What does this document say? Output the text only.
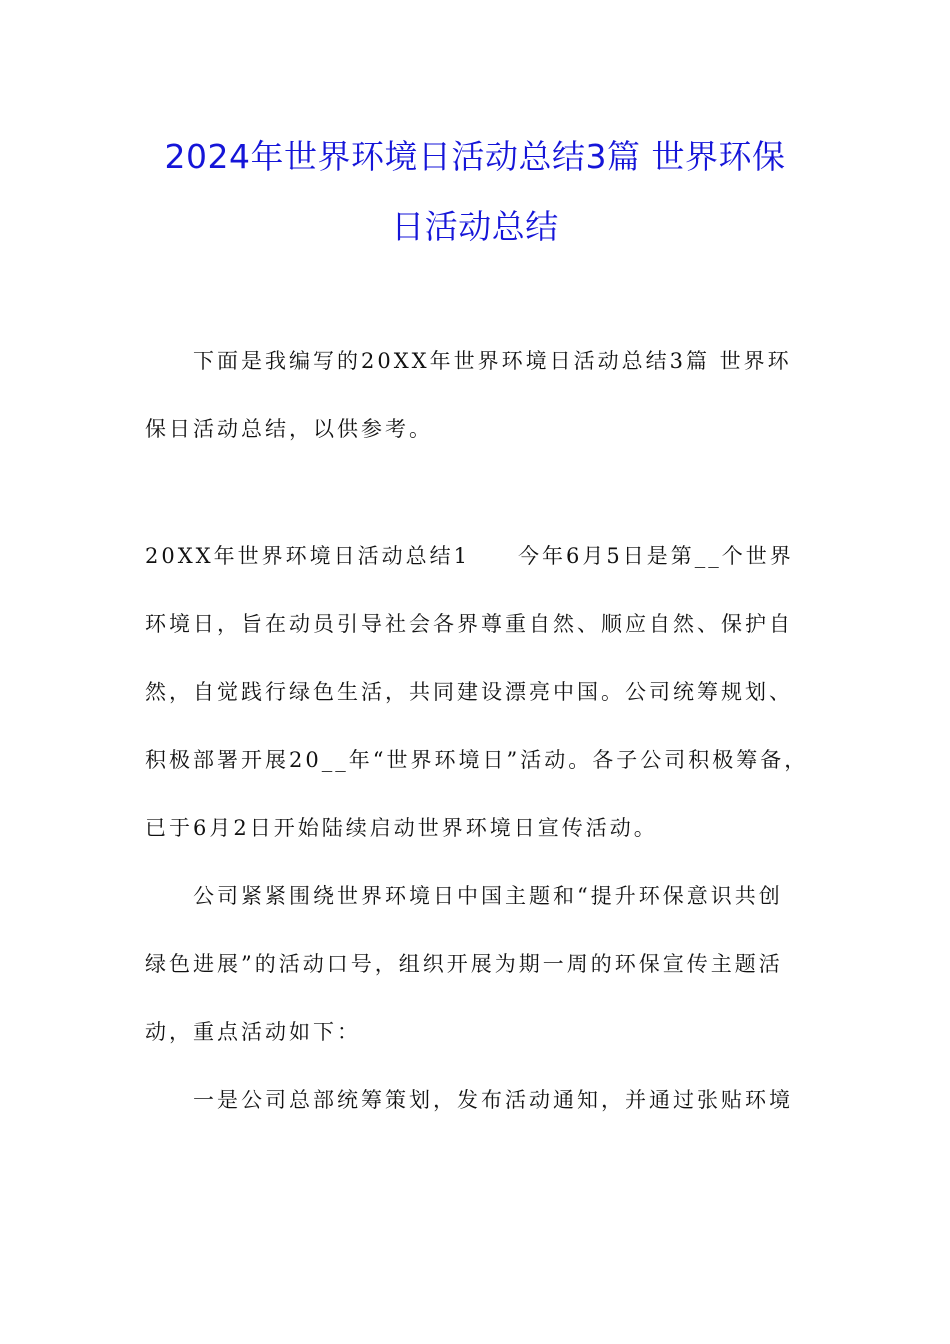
2024年世界环境日活动总结3篇 世界环保
日活动总结

下面是我编写的20XX年世界环境日活动总结3篇 世界环
保日活动总结，以供参考。

20XX年世界环境日活动总结1　　今年6月5日是第__个世界
环境日，旨在动员引导社会各界尊重自然、顺应自然、保护自
然，自觉践行绿色生活，共同建设漂亮中国。公司统筹规划、
积极部署开展20__年“世界环境日”活动。各子公司积极筹备，
已于6月2日开始陆续启动世界环境日宣传活动。

公司紧紧围绕世界环境日中国主题和“提升环保意识共创
绿色进展”的活动口号，组织开展为期一周的环保宣传主题活
动，重点活动如下：

一是公司总部统筹策划，发布活动通知，并通过张贴环境
